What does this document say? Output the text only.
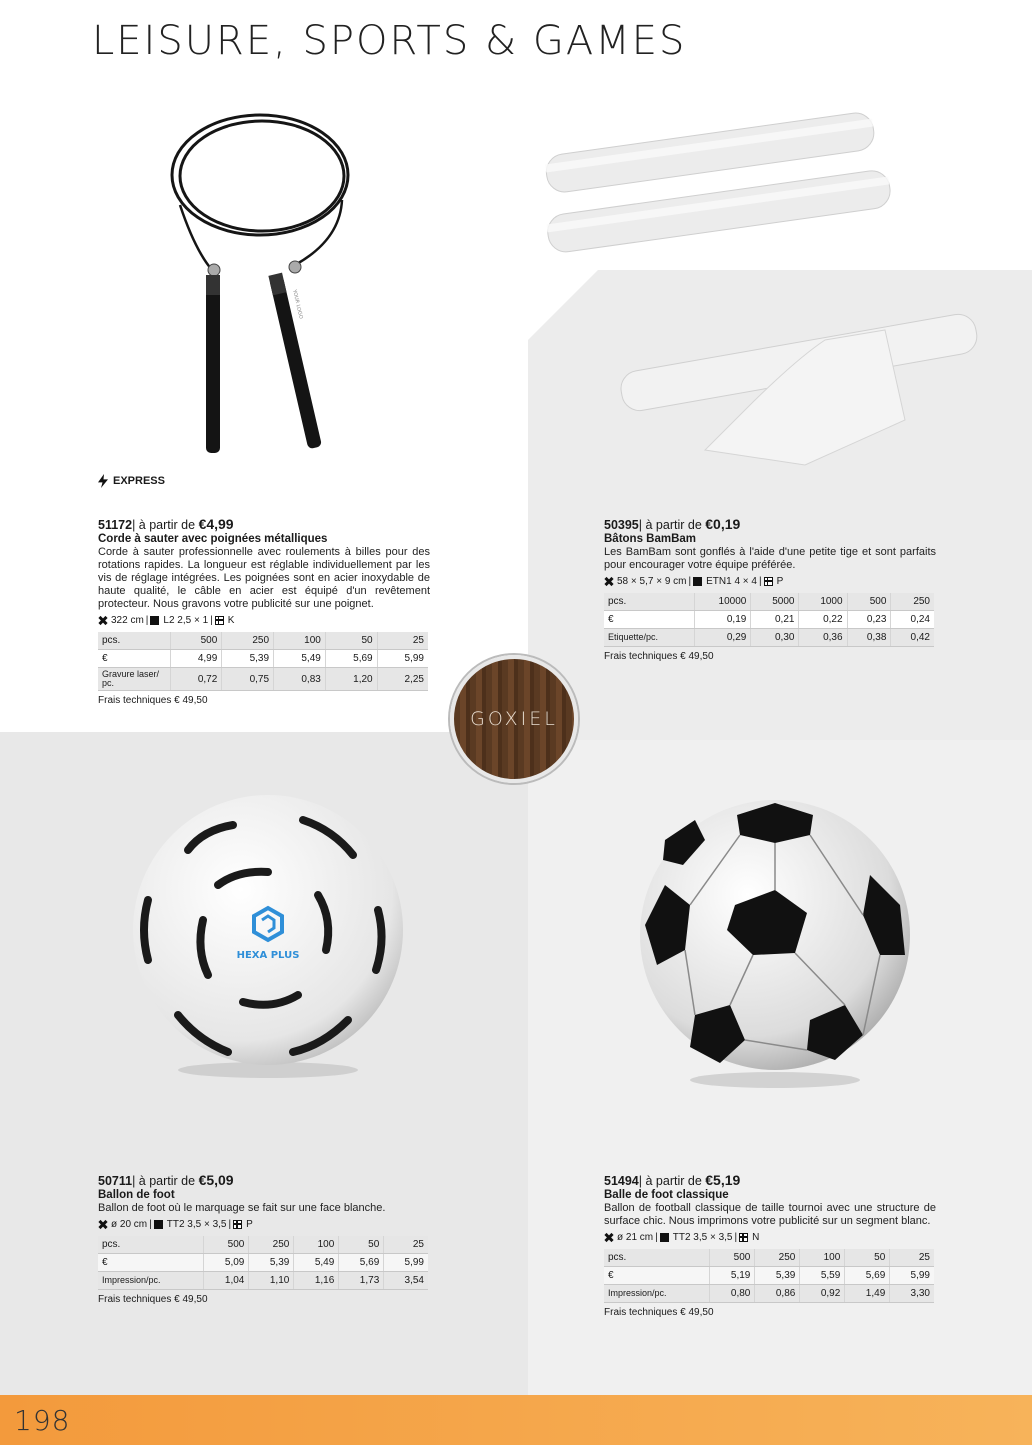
LEISURE, SPORTS & GAMES
YOUR LOGO
EXPRESS
51172| à partir de €4,99
Corde à sauter avec poignées métalliques
Corde à sauter professionnelle avec roulements à billes pour des rotations rapides. La longueur est réglable individuellement par les vis de réglage intégrées. Les poignées sont en acier inoxydable de haute qualité, le câble en acier est équipé d'un revêtement protecteur. Nous gravons votre publicité sur une poignet.
322 cm | L2 2,5 × 1 | K
pcs.	500	250	100	50	25
€	4,99	5,39	5,49	5,69	5,99
Gravure laser/ pc.	0,72	0,75	0,83	1,20	2,25
Frais techniques € 49,50
50395| à partir de €0,19
Bâtons BamBam
Les BamBam sont gonflés à l'aide d'une petite tige et sont parfaits pour encourager votre équipe préférée.
58 × 5,7 × 9 cm | ETN1 4 × 4 | P
pcs.	10000	5000	1000	500	250
€	0,19	0,21	0,22	0,23	0,24
Etiquette/pc.	0,29	0,30	0,36	0,38	0,42
Frais techniques € 49,50
GOXIEL
HEXA PLUS
50711| à partir de €5,09
Ballon de foot
Ballon de foot où le marquage se fait sur une face blanche.
ø 20 cm | TT2 3,5 × 3,5 | P
pcs.	500	250	100	50	25
€	5,09	5,39	5,49	5,69	5,99
Impression/pc.	1,04	1,10	1,16	1,73	3,54
Frais techniques € 49,50
51494| à partir de €5,19
Balle de foot classique
Ballon de football classique de taille tournoi avec une structure de surface chic. Nous imprimons votre publicité sur un segment blanc.
ø 21 cm | TT2 3,5 × 3,5 | N
pcs.	500	250	100	50	25
€	5,19	5,39	5,59	5,69	5,99
Impression/pc.	0,80	0,86	0,92	1,49	3,30
Frais techniques € 49,50
198
